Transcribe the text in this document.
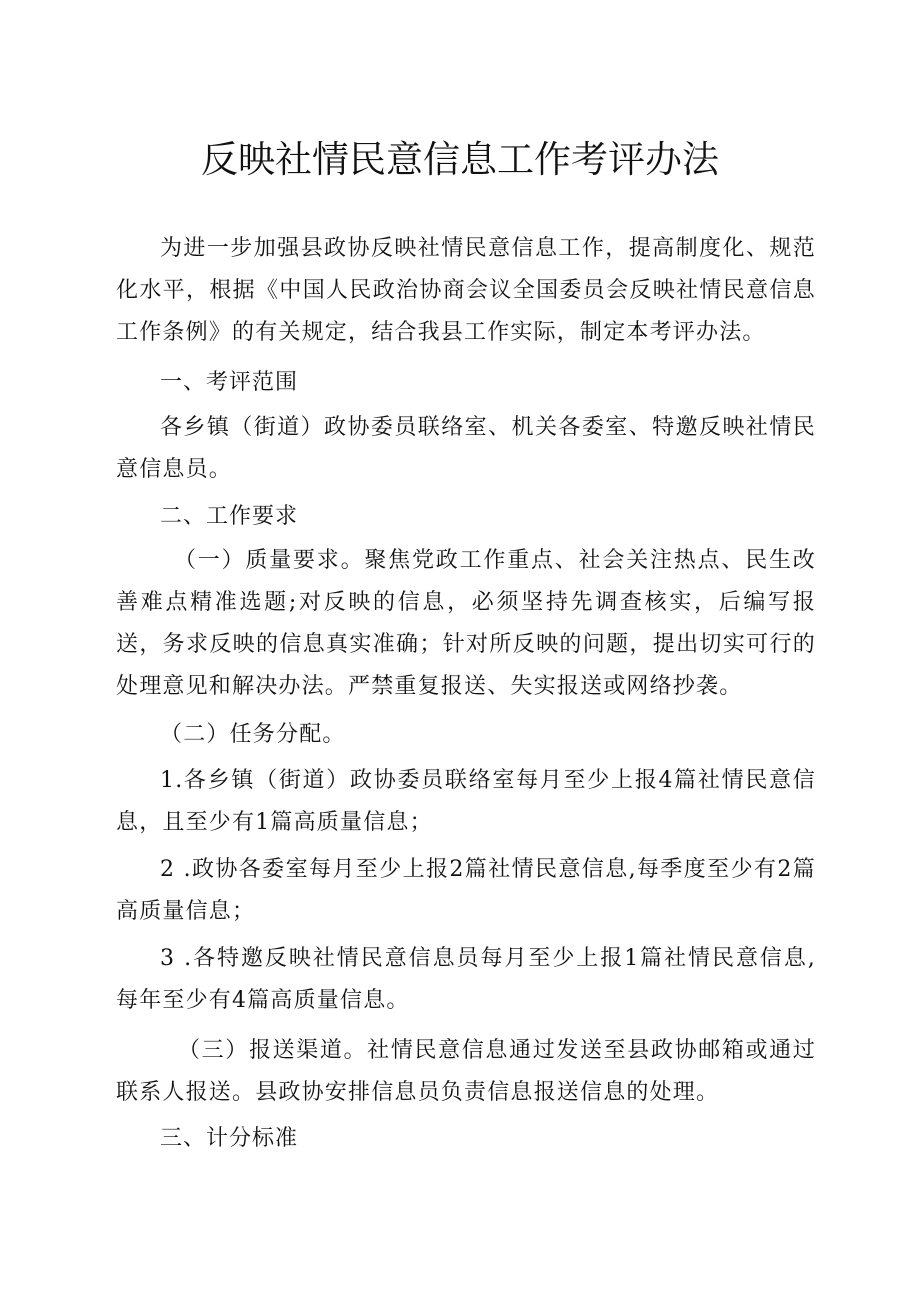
反映社情民意信息工作考评办法
为进一步加强县政协反映社情民意信息工作，提高制度化、规范化水平，根据《中国人民政治协商会议全国委员会反映社情民意信息工作条例》的有关规定，结合我县工作实际，制定本考评办法。
一、考评范围
各乡镇（街道）政协委员联络室、机关各委室、特邀反映社情民意信息员。
二、工作要求
（一）质量要求。聚焦党政工作重点、社会关注热点、民生改善难点精准选题;对反映的信息，必须坚持先调查核实，后编写报送，务求反映的信息真实准确；针对所反映的问题，提出切实可行的处理意见和解决办法。严禁重复报送、失实报送或网络抄袭。
（二）任务分配。
1.各乡镇（街道）政协委员联络室每月至少上报4篇社情民意信息，且至少有1篇高质量信息；
2 .政协各委室每月至少上报2篇社情民意信息,每季度至少有2篇高质量信息；
3 .各特邀反映社情民意信息员每月至少上报1篇社情民意信息,每年至少有4篇高质量信息。
（三）报送渠道。社情民意信息通过发送至县政协邮箱或通过联系人报送。县政协安排信息员负责信息报送信息的处理。
三、计分标准
